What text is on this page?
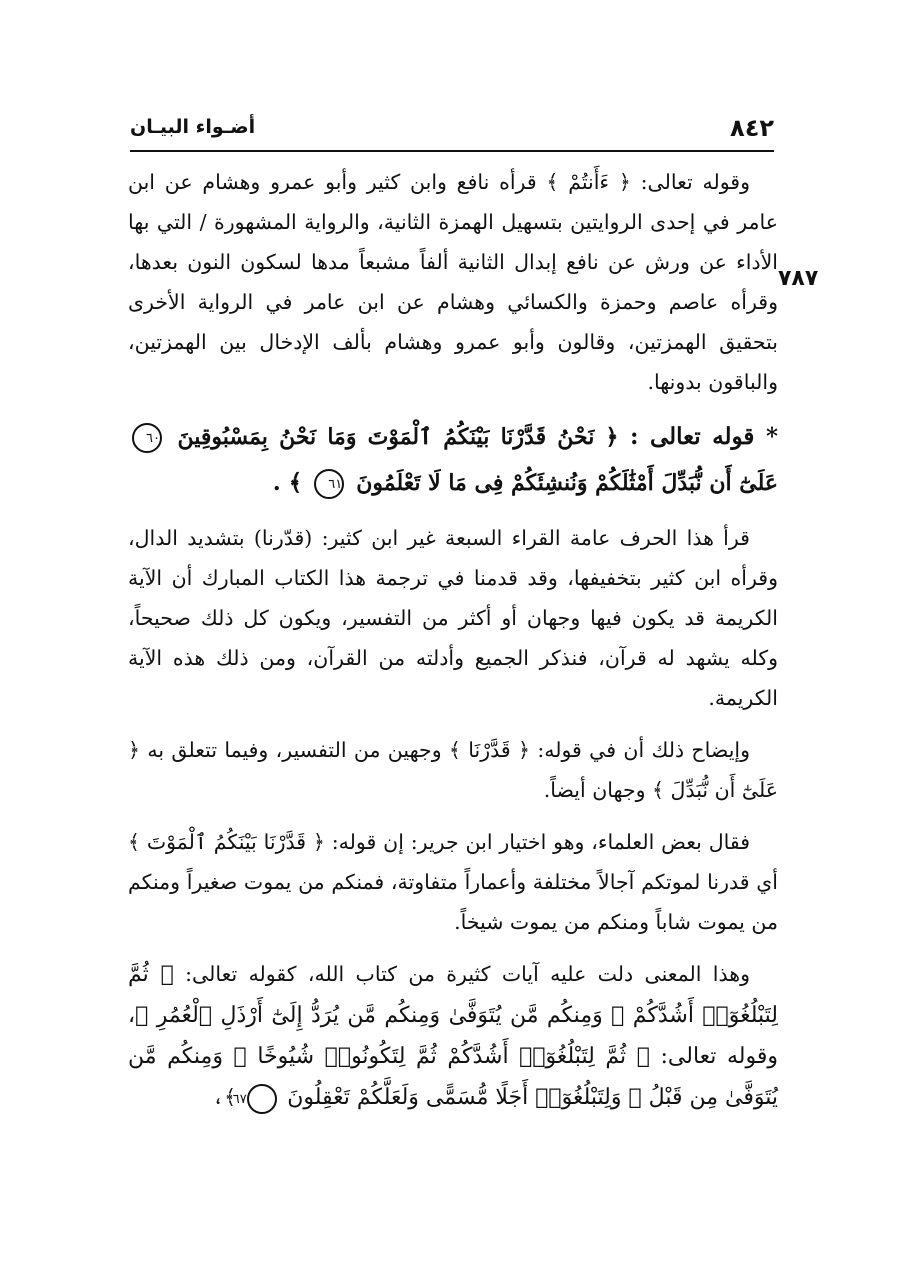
٨٤٢
أضـواء البيـان
٧٨٧

وقوله تعالى: ﴿ ءَأَنتُمْ ﴾ قرأه نافع وابن كثير وأبو عمرو وهشام عن ابن عامر في إحدى الروايتين بتسهيل الهمزة الثانية، والرواية المشهورة / التي بها الأداء عن ورش عن نافع إبدال الثانية ألفاً مشبعاً مدها لسكون النون بعدها، وقرأه عاصم وحمزة والكسائي وهشام عن ابن عامر في الرواية الأخرى بتحقيق الهمزتين، وقالون وأبو عمرو وهشام بألف الإدخال بين الهمزتين، والباقون بدونها.

* قوله تعالى : ﴿ نَحْنُ قَدَّرْنَا بَيْنَكُمُ ٱلْمَوْتَ وَمَا نَحْنُ بِمَسْبُوقِينَ ٦٠ عَلَىٰٓ أَن نُّبَدِّلَ أَمْثَٰلَكُمْ وَنُنشِئَكُمْ فِى مَا لَا تَعْلَمُونَ ٦١ ﴾ .

قرأ هذا الحرف عامة القراء السبعة غير ابن كثير: (قدّرنا) بتشديد الدال، وقرأه ابن كثير بتخفيفها، وقد قدمنا في ترجمة هذا الكتاب المبارك أن الآية الكريمة قد يكون فيها وجهان أو أكثر من التفسير، ويكون كل ذلك صحيحاً، وكله يشهد له قرآن، فنذكر الجميع وأدلته من القرآن، ومن ذلك هذه الآية الكريمة.

وإيضاح ذلك أن في قوله: ﴿ قَدَّرْنَا ﴾ وجهين من التفسير، وفيما تتعلق به ﴿ عَلَىٰٓ أَن نُّبَدِّلَ ﴾ وجهان أيضاً.

فقال بعض العلماء، وهو اختيار ابن جرير: إن قوله: ﴿ قَدَّرْنَا بَيْنَكُمُ ٱلْمَوْتَ ﴾ أي قدرنا لموتكم آجالاً مختلفة وأعماراً متفاوتة، فمنكم من يموت صغيراً ومنكم من يموت شاباً ومنكم من يموت شيخاً.

وهذا المعنى دلت عليه آيات كثيرة من كتاب الله، كقوله تعالى: ﴿ ثُمَّ لِتَبْلُغُوٓا۟ أَشُدَّكُمْ ۖ وَمِنكُم مَّن يُتَوَفَّىٰ وَمِنكُم مَّن يُرَدُّ إِلَىٰٓ أَرْذَلِ ٱلْعُمُرِ ﴾، وقوله تعالى: ﴿ ثُمَّ لِتَبْلُغُوٓا۟ أَشُدَّكُمْ ثُمَّ لِتَكُونُوا۟ شُيُوخًا ۚ وَمِنكُم مَّن يُتَوَفَّىٰ مِن قَبْلُ ۖ وَلِتَبْلُغُوٓا۟ أَجَلًا مُّسَمًّى وَلَعَلَّكُمْ تَعْقِلُونَ ٦٧ ﴾،
